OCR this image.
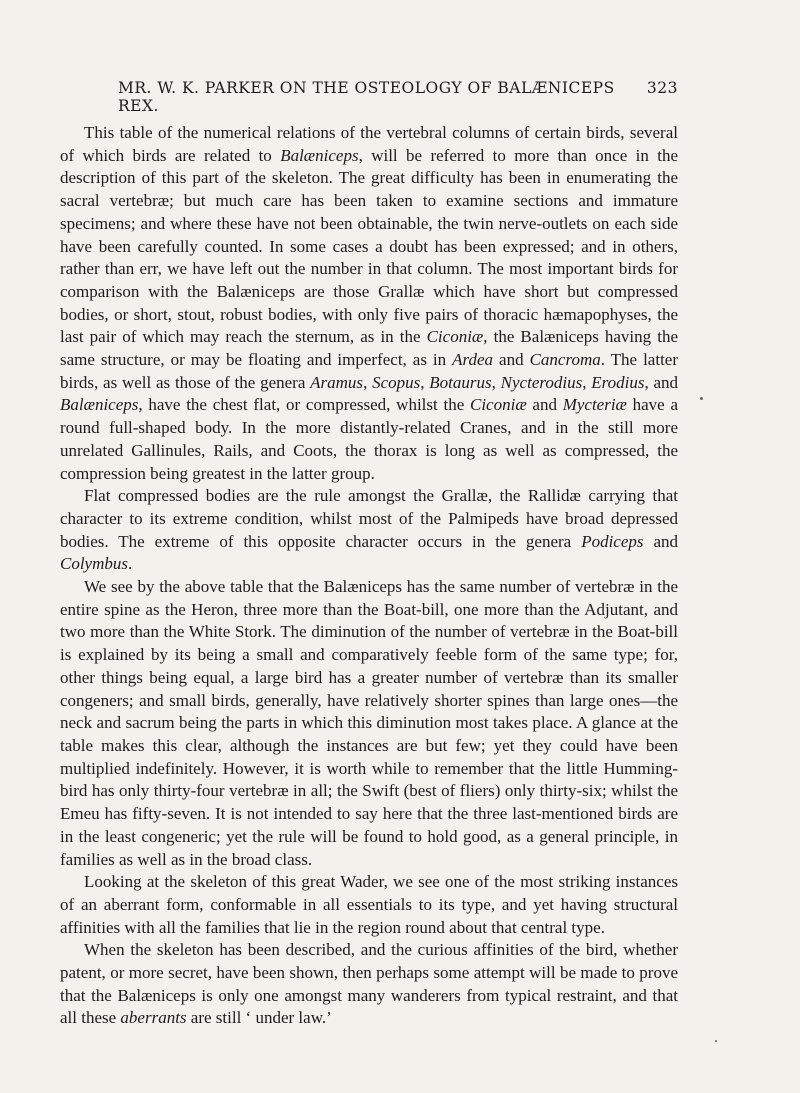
MR. W. K. PARKER ON THE OSTEOLOGY OF BALÆNICEPS REX.
323

This table of the numerical relations of the vertebral columns of certain birds, several of which birds are related to Balæniceps, will be referred to more than once in the description of this part of the skeleton. The great difficulty has been in enumerating the sacral vertebræ; but much care has been taken to examine sections and immature specimens; and where these have not been obtainable, the twin nerve-outlets on each side have been carefully counted. In some cases a doubt has been expressed; and in others, rather than err, we have left out the number in that column. The most important birds for comparison with the Balæniceps are those Grallæ which have short but compressed bodies, or short, stout, robust bodies, with only five pairs of thoracic hæmapophyses, the last pair of which may reach the sternum, as in the Ciconiæ, the Balæniceps having the same structure, or may be floating and imperfect, as in Ardea and Cancroma. The latter birds, as well as those of the genera Aramus, Scopus, Botaurus, Nycterodius, Erodius, and Balæniceps, have the chest flat, or compressed, whilst the Ciconiæ and Mycteriæ have a round full-shaped body. In the more distantly-related Cranes, and in the still more unrelated Gallinules, Rails, and Coots, the thorax is long as well as compressed, the compression being greatest in the latter group.

Flat compressed bodies are the rule amongst the Grallæ, the Rallidæ carrying that character to its extreme condition, whilst most of the Palmipeds have broad depressed bodies. The extreme of this opposite character occurs in the genera Podiceps and Colymbus.

We see by the above table that the Balæniceps has the same number of vertebræ in the entire spine as the Heron, three more than the Boat-bill, one more than the Adjutant, and two more than the White Stork. The diminution of the number of vertebræ in the Boat-bill is explained by its being a small and comparatively feeble form of the same type; for, other things being equal, a large bird has a greater number of vertebræ than its smaller congeners; and small birds, generally, have relatively shorter spines than large ones—the neck and sacrum being the parts in which this diminution most takes place. A glance at the table makes this clear, although the instances are but few; yet they could have been multiplied indefinitely. However, it is worth while to remember that the little Humming-bird has only thirty-four vertebræ in all; the Swift (best of fliers) only thirty-six; whilst the Emeu has fifty-seven. It is not intended to say here that the three last-mentioned birds are in the least congeneric; yet the rule will be found to hold good, as a general principle, in families as well as in the broad class.

Looking at the skeleton of this great Wader, we see one of the most striking instances of an aberrant form, conformable in all essentials to its type, and yet having structural affinities with all the families that lie in the region round about that central type.

When the skeleton has been described, and the curious affinities of the bird, whether patent, or more secret, have been shown, then perhaps some attempt will be made to prove that the Balæniceps is only one amongst many wanderers from typical restraint, and that all these aberrants are still ‘ under law.’
